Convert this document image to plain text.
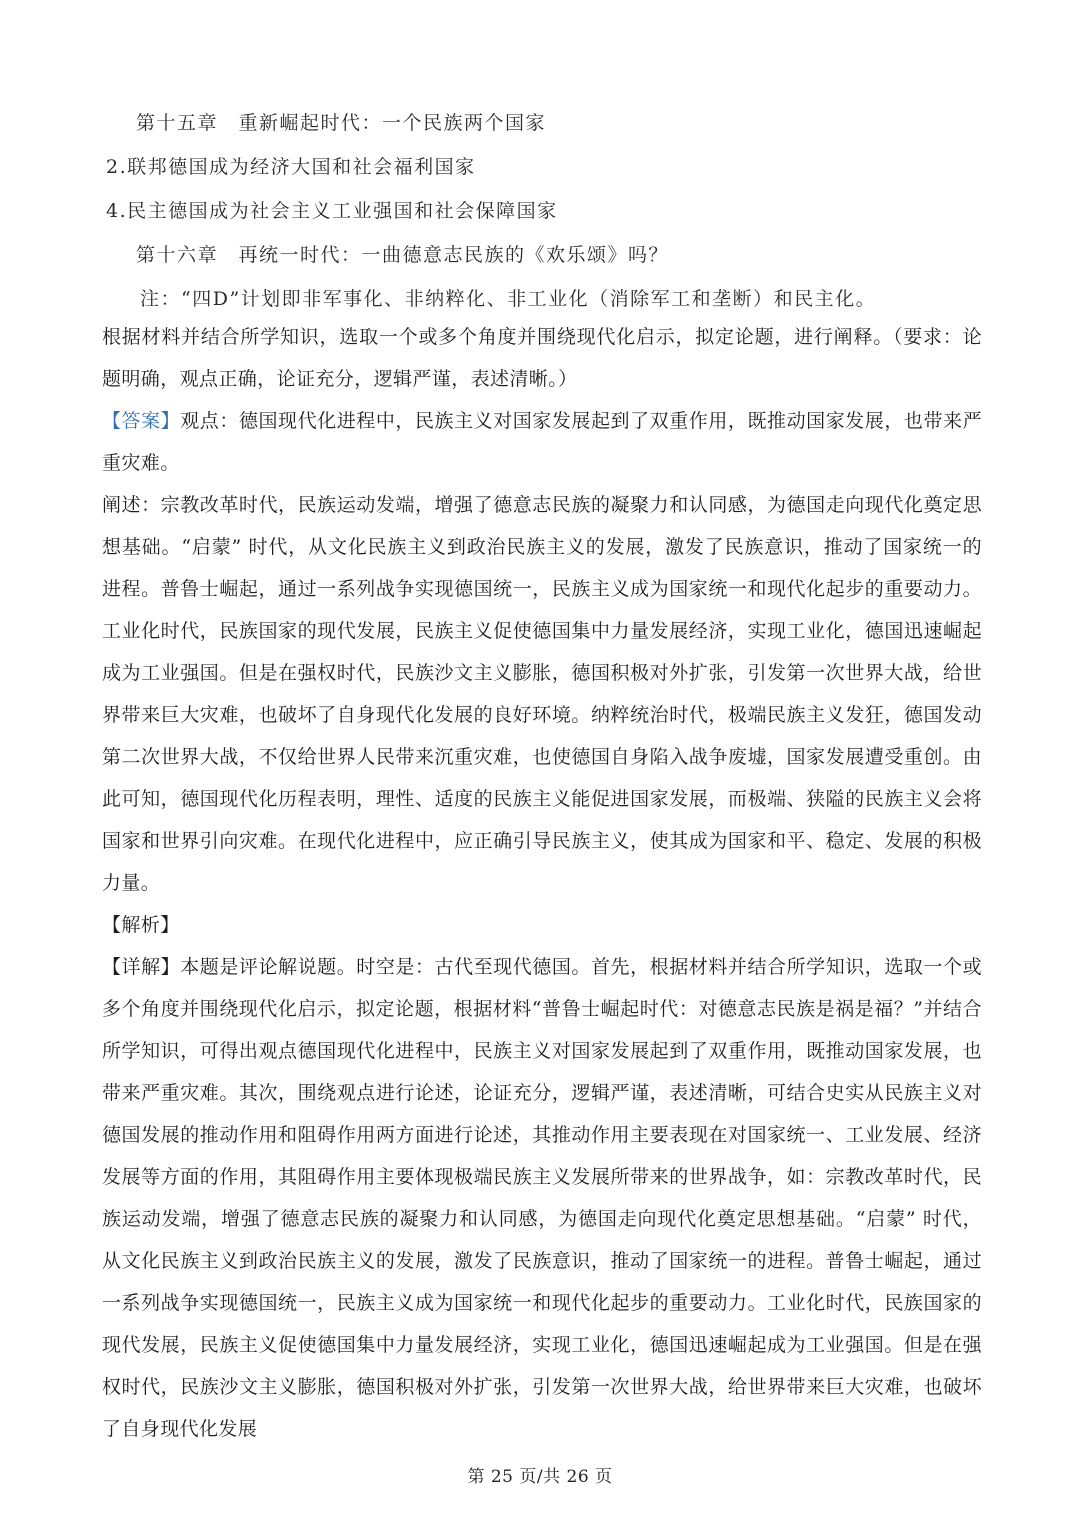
第十五章　重新崛起时代：一个民族两个国家

2.联邦德国成为经济大国和社会福利国家

4.民主德国成为社会主义工业强国和社会保障国家

第十六章　再统一时代：一曲德意志民族的《欢乐颂》吗？

注：“四D”计划即非军事化、非纳粹化、非工业化（消除军工和垄断）和民主化。

根据材料并结合所学知识，选取一个或多个角度并围绕现代化启示，拟定论题，进行阐释。（要求：论题明确，观点正确，论证充分，逻辑严谨，表述清晰。）

【答案】观点：德国现代化进程中，民族主义对国家发展起到了双重作用，既推动国家发展，也带来严重灾难。

阐述：宗教改革时代，民族运动发端，增强了德意志民族的凝聚力和认同感，为德国走向现代化奠定思想基础。“启蒙” 时代，从文化民族主义到政治民族主义的发展，激发了民族意识，推动了国家统一的进程。普鲁士崛起，通过一系列战争实现德国统一，民族主义成为国家统一和现代化起步的重要动力。工业化时代，民族国家的现代发展，民族主义促使德国集中力量发展经济，实现工业化，德国迅速崛起成为工业强国。但是在强权时代，民族沙文主义膨胀，德国积极对外扩张，引发第一次世界大战，给世界带来巨大灾难，也破坏了自身现代化发展的良好环境。纳粹统治时代，极端民族主义发狂，德国发动第二次世界大战，不仅给世界人民带来沉重灾难，也使德国自身陷入战争废墟，国家发展遭受重创。由此可知，德国现代化历程表明，理性、适度的民族主义能促进国家发展，而极端、狭隘的民族主义会将国家和世界引向灾难。在现代化进程中，应正确引导民族主义，使其成为国家和平、稳定、发展的积极力量。

【解析】

【详解】本题是评论解说题。时空是：古代至现代德国。首先，根据材料并结合所学知识，选取一个或多个角度并围绕现代化启示，拟定论题，根据材料“普鲁士崛起时代：对德意志民族是祸是福？”并结合所学知识，可得出观点德国现代化进程中，民族主义对国家发展起到了双重作用，既推动国家发展，也带来严重灾难。其次，围绕观点进行论述，论证充分，逻辑严谨，表述清晰，可结合史实从民族主义对德国发展的推动作用和阻碍作用两方面进行论述，其推动作用主要表现在对国家统一、工业发展、经济发展等方面的作用，其阻碍作用主要体现极端民族主义发展所带来的世界战争，如：宗教改革时代，民族运动发端，增强了德意志民族的凝聚力和认同感，为德国走向现代化奠定思想基础。“启蒙” 时代，从文化民族主义到政治民族主义的发展，激发了民族意识，推动了国家统一的进程。普鲁士崛起，通过一系列战争实现德国统一，民族主义成为国家统一和现代化起步的重要动力。工业化时代，民族国家的现代发展，民族主义促使德国集中力量发展经济，实现工业化，德国迅速崛起成为工业强国。但是在强权时代，民族沙文主义膨胀，德国积极对外扩张，引发第一次世界大战，给世界带来巨大灾难，也破坏了自身现代化发展

第 25 页/共 26 页
